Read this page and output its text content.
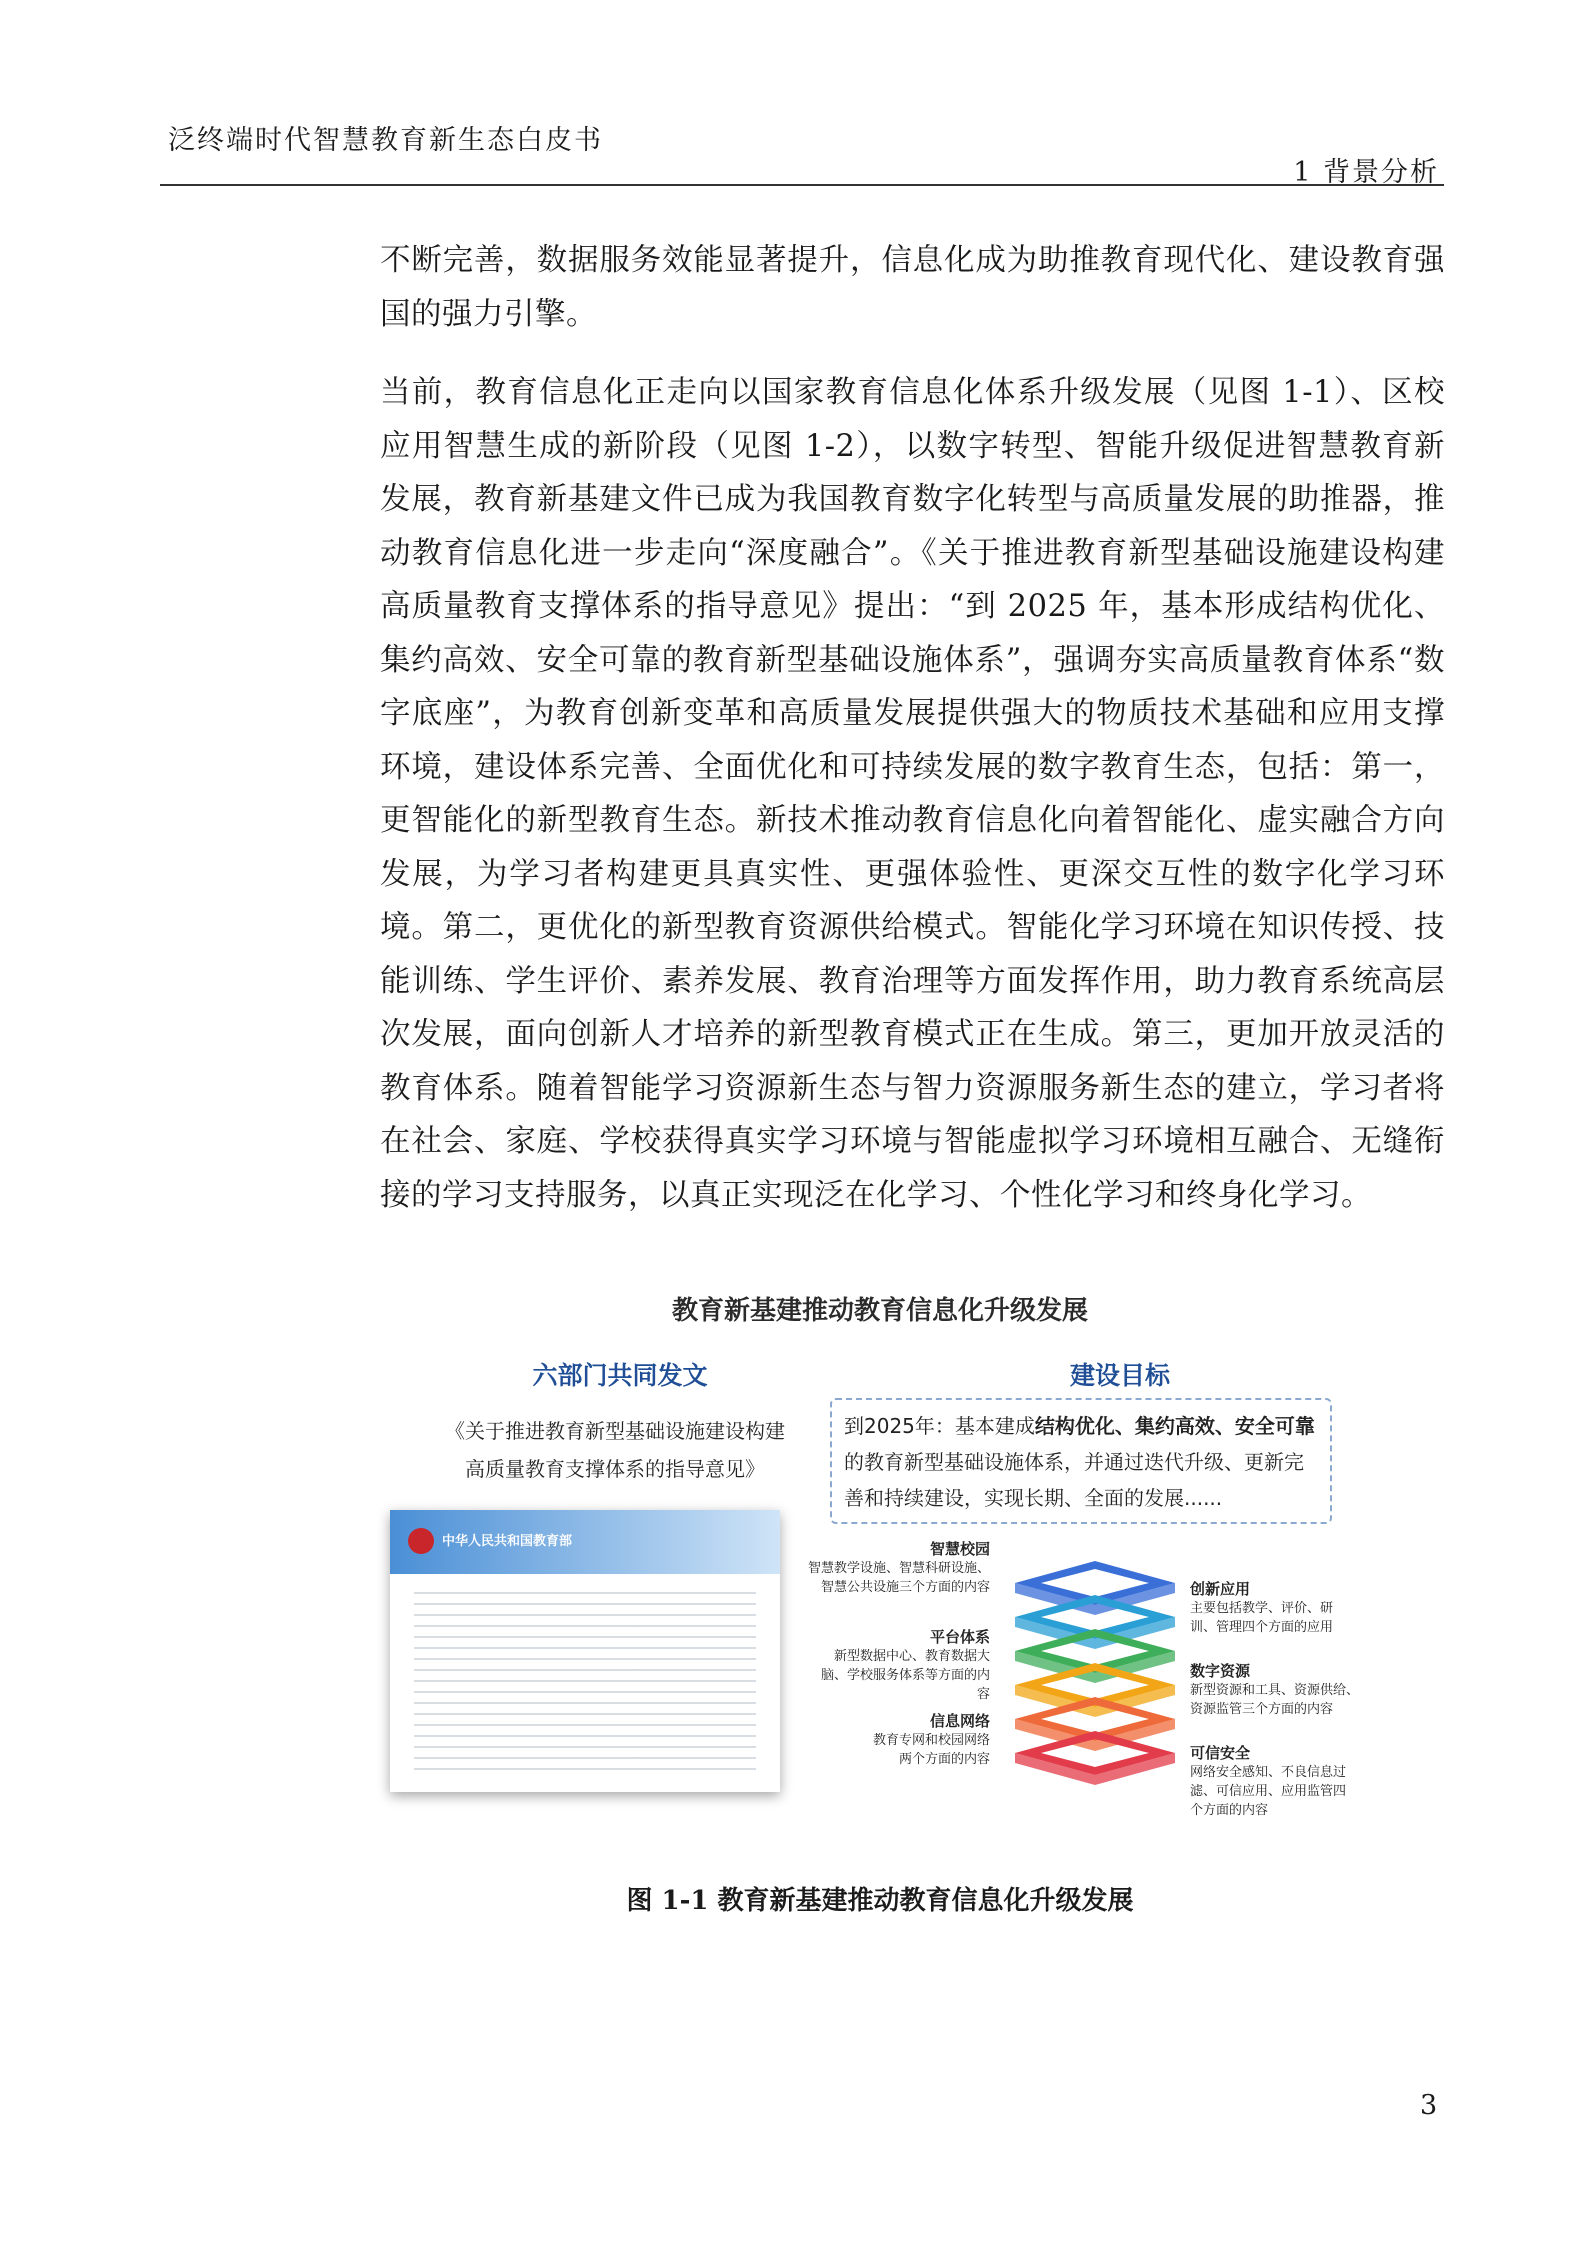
泛终端时代智慧教育新生态白皮书
1 背景分析
不断完善，数据服务效能显著提升，信息化成为助推教育现代化、建设教育强国的强力引擎。
当前，教育信息化正走向以国家教育信息化体系升级发展（见图 1-1）、区校应用智慧生成的新阶段（见图 1-2），以数字转型、智能升级促进智慧教育新发展，教育新基建文件已成为我国教育数字化转型与高质量发展的助推器，推动教育信息化进一步走向“深度融合”。《关于推进教育新型基础设施建设构建高质量教育支撑体系的指导意见》提出：“到 2025 年，基本形成结构优化、集约高效、安全可靠的教育新型基础设施体系”，强调夯实高质量教育体系“数字底座”，为教育创新变革和高质量发展提供强大的物质技术基础和应用支撑环境，建设体系完善、全面优化和可持续发展的数字教育生态，包括：第一，更智能化的新型教育生态。新技术推动教育信息化向着智能化、虚实融合方向发展，为学习者构建更具真实性、更强体验性、更深交互性的数字化学习环境。第二，更优化的新型教育资源供给模式。智能化学习环境在知识传授、技能训练、学生评价、素养发展、教育治理等方面发挥作用，助力教育系统高层次发展，面向创新人才培养的新型教育模式正在生成。第三，更加开放灵活的教育体系。随着智能学习资源新生态与智力资源服务新生态的建立，学习者将在社会、家庭、学校获得真实学习环境与智能虚拟学习环境相互融合、无缝衔接的学习支持服务，以真正实现泛在化学习、个性化学习和终身化学习。
教育新基建推动教育信息化升级发展
六部门共同发文
《关于推进教育新型基础设施建设构建
高质量教育支撑体系的指导意见》
建设目标
到2025年：基本建成结构优化、集约高效、安全可靠的教育新型基础设施体系，并通过迭代升级、更新完善和持续建设，实现长期、全面的发展......
中华人民共和国教育部	智慧校园
智慧教学设施、智慧科研设施、
智慧公共设施三个方面的内容
平台体系
新型数据中心、教育数据大
脑、学校服务体系等方面的内
容
信息网络
教育专网和校园网络
两个方面的内容
创新应用
主要包括教学、评价、研
训、管理四个方面的应用
数字资源
新型资源和工具、资源供给、
资源监管三个方面的内容
可信安全
网络安全感知、不良信息过
滤、可信应用、应用监管四
个方面的内容
图 1-1 教育新基建推动教育信息化升级发展
3
